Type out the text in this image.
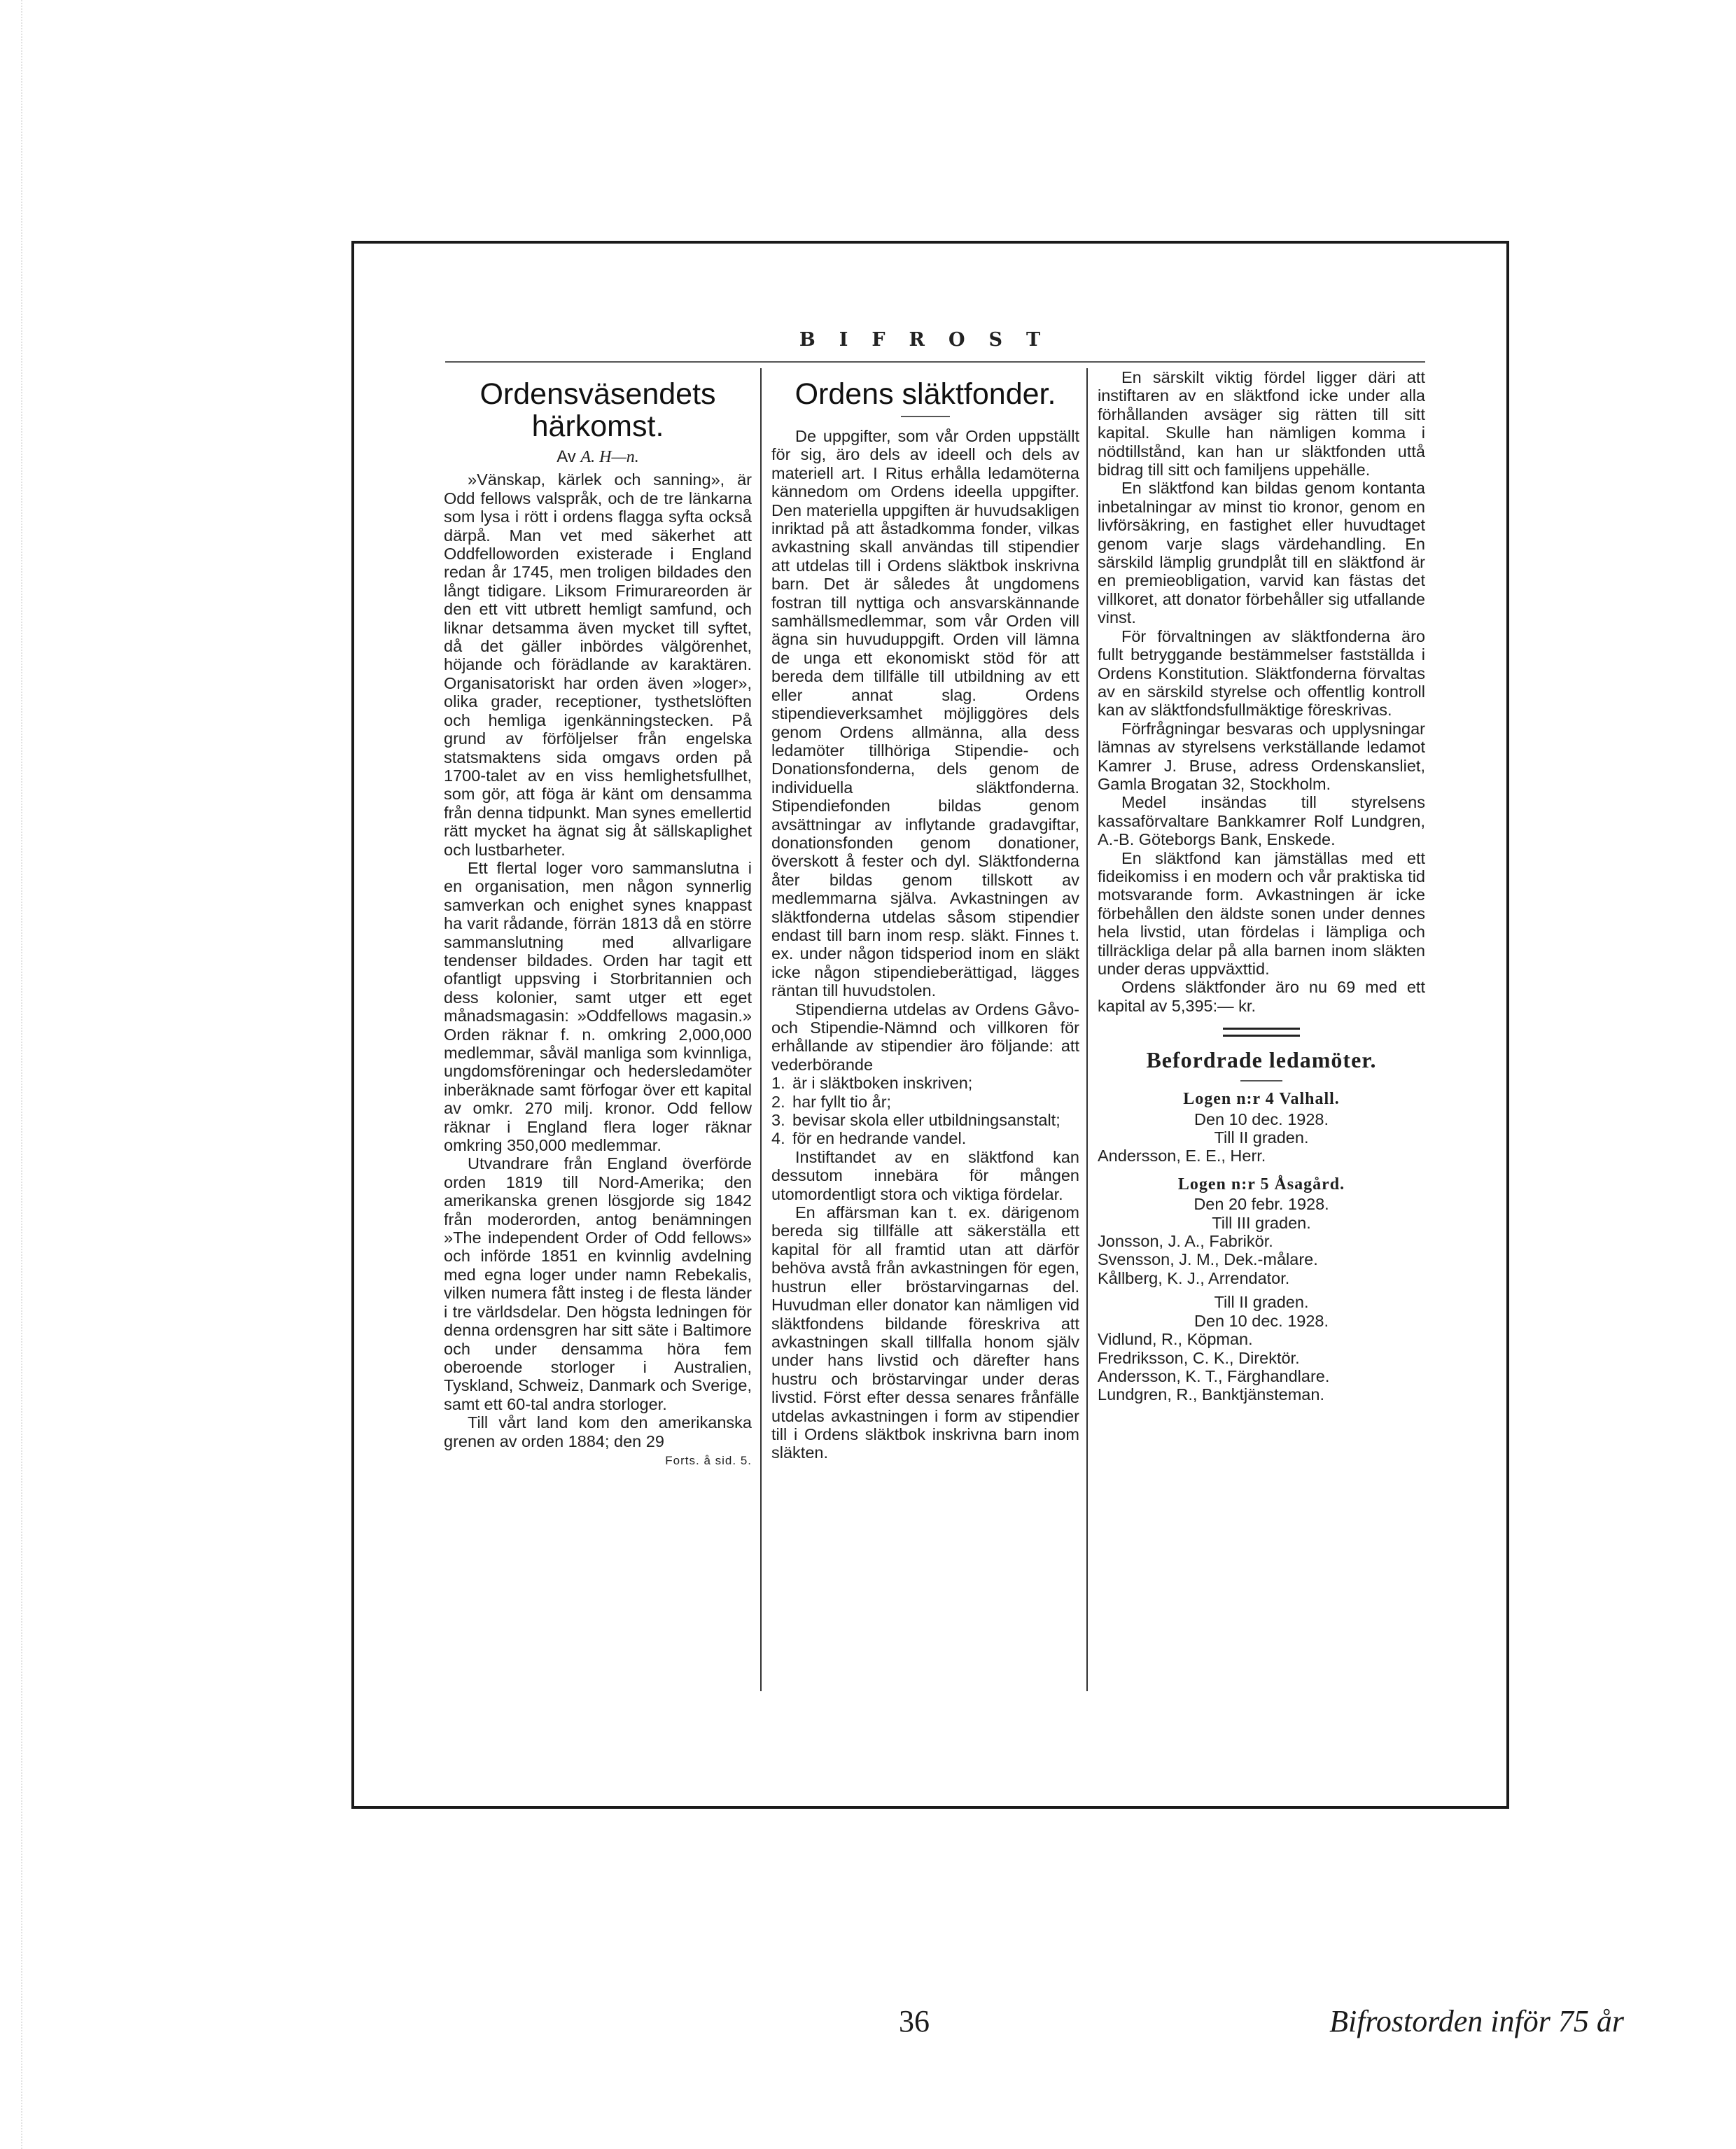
BIFROST
Ordensväsendets härkomst.
Av A. H—n.

»Vänskap, kärlek och sanning», är Odd fellows valspråk, och de tre länkarna som lysa i rött i ordens flagga syfta också därpå. Man vet med säkerhet att Oddfelloworden existerade i England redan år 1745, men troligen bildades den långt tidigare. Liksom Frimurareorden är den ett vitt utbrett hemligt samfund, och liknar detsamma även mycket till syftet, då det gäller inbördes välgörenhet, höjande och förädlande av karaktären. Organisatoriskt har orden även »loger», olika grader, receptioner, tysthetslöften och hemliga igenkänningstecken. På grund av förföljelser från engelska statsmaktens sida omgavs orden på 1700-talet av en viss hemlighetsfullhet, som gör, att föga är känt om densamma från denna tidpunkt. Man synes emellertid rätt mycket ha ägnat sig åt sällskaplighet och lustbarheter.

Ett flertal loger voro sammanslutna i en organisation, men någon synnerlig samverkan och enighet synes knappast ha varit rådande, förrän 1813 då en större sammanslutning med allvarligare tendenser bildades. Orden har tagit ett ofantligt uppsving i Storbritannien och dess kolonier, samt utger ett eget månadsmagasin: »Oddfellows magasin.» Orden räknar f. n. omkring 2,000,000 medlemmar, såväl manliga som kvinnliga, ungdomsföreningar och hedersledamöter inberäknade samt förfogar över ett kapital av omkr. 270 milj. kronor. Odd fellow räknar i England flera loger räknar omkring 350,000 medlemmar.

Utvandrare från England överförde orden 1819 till Nord-Amerika; den amerikanska grenen lösgjorde sig 1842 från moderorden, antog benämningen »The independent Order of Odd fellows» och införde 1851 en kvinnlig avdelning med egna loger under namn Rebekalis, vilken numera fått insteg i de flesta länder i tre världsdelar. Den högsta ledningen för denna ordensgren har sitt säte i Baltimore och under densamma höra fem oberoende storloger i Australien, Tyskland, Schweiz, Danmark och Sverige, samt ett 60-tal andra storloger.

Till vårt land kom den amerikanska grenen av orden 1884; den 29

Forts. å sid. 5.
Ordens släktfonder.

De uppgifter, som vår Orden uppställt för sig, äro dels av ideell och dels av materiell art. I Ritus erhålla ledamöterna kännedom om Ordens ideella uppgifter. Den materiella uppgiften är huvudsakligen inriktad på att åstadkomma fonder, vilkas avkastning skall användas till stipendier att utdelas till i Ordens släktbok inskrivna barn. Det är således åt ungdomens fostran till nyttiga och ansvarskännande samhällsmedlemmar, som vår Orden vill ägna sin huvuduppgift. Orden vill lämna de unga ett ekonomiskt stöd för att bereda dem tillfälle till utbildning av ett eller annat slag. Ordens stipendieverksamhet möjliggöres dels genom Ordens allmänna, alla dess ledamöter tillhöriga Stipendie- och Donationsfonderna, dels genom de individuella släktfonderna. Stipendiefonden bildas genom avsättningar av inflytande gradavgiftar, donationsfonden genom donationer, överskott å fester och dyl. Släktfonderna åter bildas genom tillskott av medlemmarna själva. Avkastningen av släktfonderna utdelas såsom stipendier endast till barn inom resp. släkt. Finnes t. ex. under någon tidsperiod inom en släkt icke någon stipendieberättigad, lägges räntan till huvudstolen.

Stipendierna utdelas av Ordens Gåvo- och Stipendie-Nämnd och villkoren för erhållande av stipendier äro följande: att vederbörande

1. är i släktboken inskriven;
2. har fyllt tio år;
3. bevisar skola eller utbildningsanstalt;
4. för en hedrande vandel.

Instiftandet av en släktfond kan dessutom innebära för mången utomordentligt stora och viktiga fördelar.

En affärsman kan t. ex. därigenom bereda sig tillfälle att säkerställa ett kapital för all framtid utan att därför behöva avstå från avkastningen för egen, hustrun eller bröstarvingarnas del. Huvudman eller donator kan nämligen vid släktfondens bildande föreskriva att avkastningen skall tillfalla honom själv under hans livstid och därefter hans hustru och bröstarvingar under deras livstid. Först efter dessa senares frånfälle utdelas avkastningen i form av stipendier till i Ordens släktbok inskrivna barn inom släkten.

En särskilt viktig fördel ligger däri att instiftaren av en släktfond icke under alla förhållanden avsäger sig rätten till sitt kapital. Skulle han nämligen komma i nödtillstånd, kan han ur släktfonden uttå bidrag till sitt och familjens uppehälle.

En släktfond kan bildas genom kontanta inbetalningar av minst tio kronor, genom en livförsäkring, en fastighet eller huvudtaget genom varje slags värdehandling. En särskild lämplig grundplåt till en släktfond är en premieobligation, varvid kan fästas det villkoret, att donator förbehåller sig utfallande vinst.

För förvaltningen av släktfonderna äro fullt betryggande bestämmelser fastställda i Ordens Konstitution. Släktfonderna förvaltas av en särskild styrelse och offentlig kontroll kan av släktfondsfullmäktige föreskrivas.

Förfrågningar besvaras och upplysningar lämnas av styrelsens verkställande ledamot Kamrer J. Bruse, adress Ordenskansliet, Gamla Brogatan 32, Stockholm.

Medel insändas till styrelsens kassaförvaltare Bankkamrer Rolf Lundgren, A.-B. Göteborgs Bank, Enskede.

En släktfond kan jämställas med ett fideikomiss i en modern och vår praktiska tid motsvarande form. Avkastningen är icke förbehållen den äldste sonen under dennes hela livstid, utan fördelas i lämpliga och tillräckliga delar på alla barnen inom släkten under deras uppväxttid.

Ordens släktfonder äro nu 69 med ett kapital av 5,395:— kr.

Befordrade ledamöter.
Logen n:r 4 Valhall.
Den 10 dec. 1928.
Till II graden.
Andersson, E. E., Herr.
Logen n:r 5 Åsagård.
Den 20 febr. 1928.
Till III graden.
Jonsson, J. A., Fabrikör.
Svensson, J. M., Dek.-målare.
Kållberg, K. J., Arrendator.
Till II graden.
Den 10 dec. 1928.
Vidlund, R., Köpman.
Fredriksson, C. K., Direktör.
Andersson, K. T., Färghandlare.
Lundgren, R., Banktjänsteman.
36	Bifrostorden inför 75 år
